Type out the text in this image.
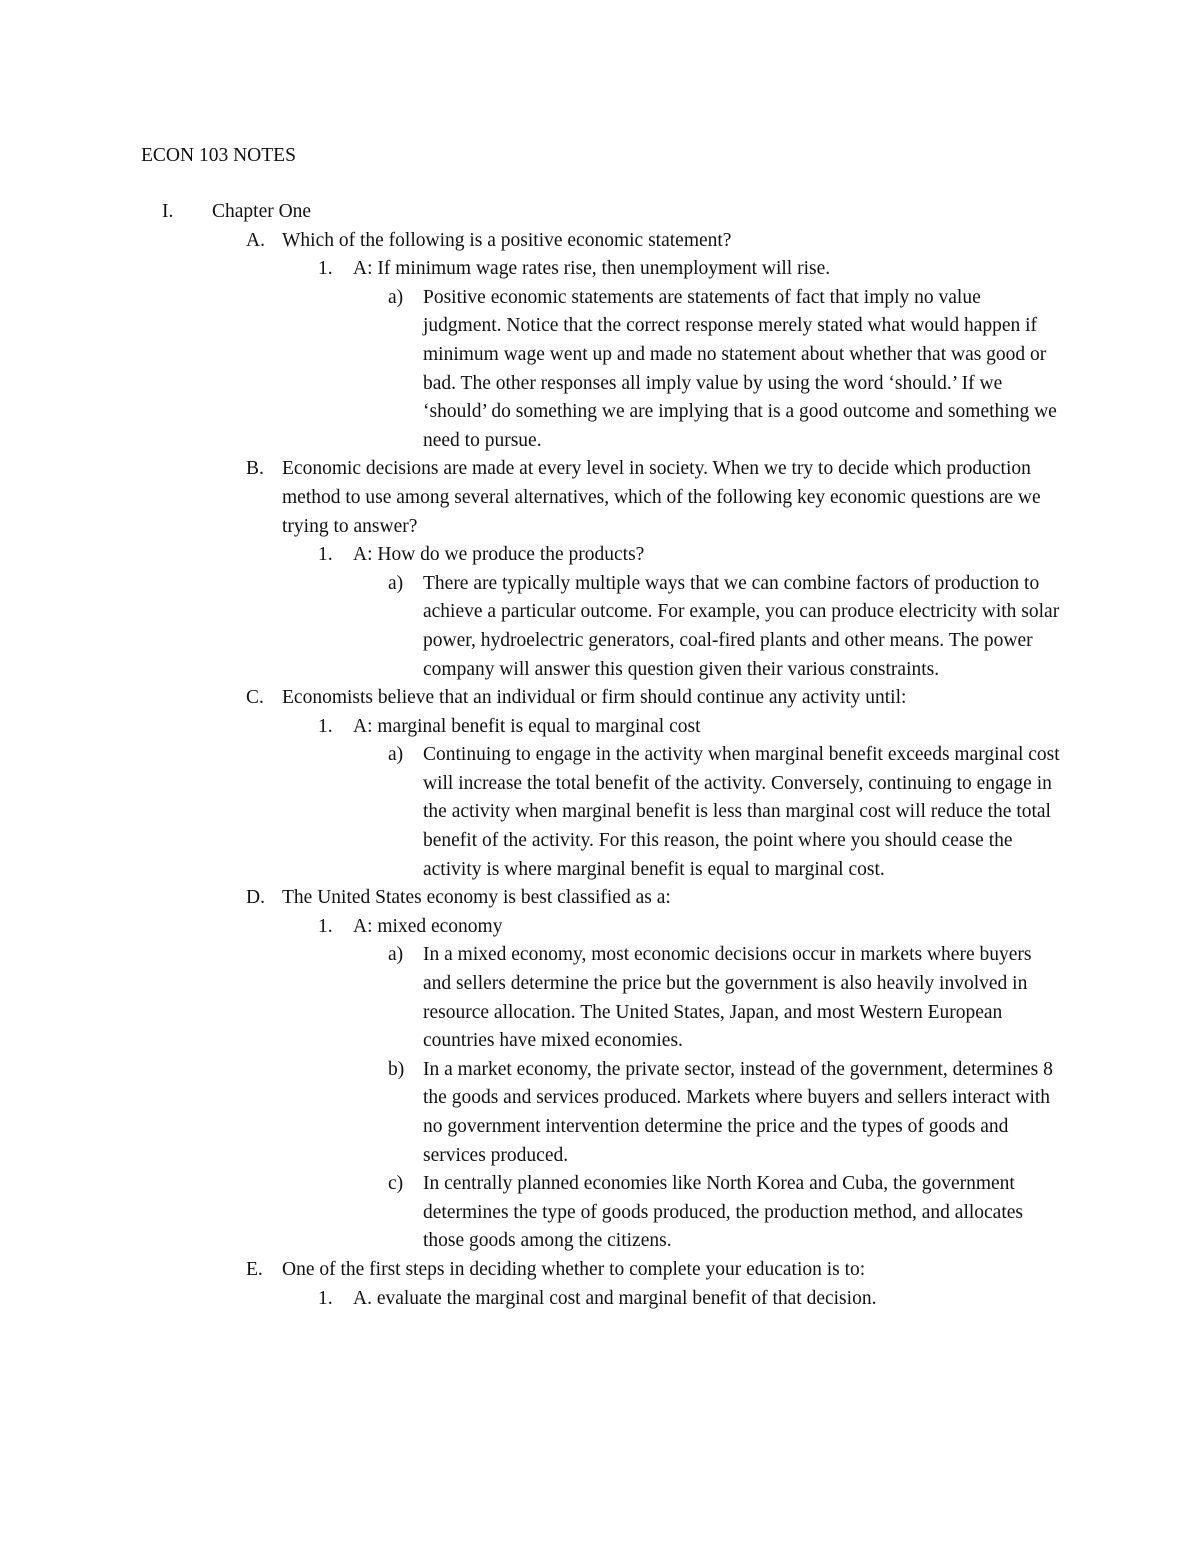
ECON 103 NOTES
I. Chapter One
A. Which of the following is a positive economic statement?
1. A: If minimum wage rates rise, then unemployment will rise.
a) Positive economic statements are statements of fact that imply no value judgment. Notice that the correct response merely stated what would happen if minimum wage went up and made no statement about whether that was good or bad. The other responses all imply value by using the word ‘should.’ If we ‘should’ do something we are implying that is a good outcome and something we need to pursue.
B. Economic decisions are made at every level in society. When we try to decide which production method to use among several alternatives, which of the following key economic questions are we trying to answer?
1. A: How do we produce the products?
a) There are typically multiple ways that we can combine factors of production to achieve a particular outcome. For example, you can produce electricity with solar power, hydroelectric generators, coal-fired plants and other means. The power company will answer this question given their various constraints.
C. Economists believe that an individual or firm should continue any activity until:
1. A: marginal benefit is equal to marginal cost
a) Continuing to engage in the activity when marginal benefit exceeds marginal cost will increase the total benefit of the activity. Conversely, continuing to engage in the activity when marginal benefit is less than marginal cost will reduce the total benefit of the activity. For this reason, the point where you should cease the activity is where marginal benefit is equal to marginal cost.
D. The United States economy is best classified as a:
1. A: mixed economy
a) In a mixed economy, most economic decisions occur in markets where buyers and sellers determine the price but the government is also heavily involved in resource allocation. The United States, Japan, and most Western European countries have mixed economies.
b) In a market economy, the private sector, instead of the government, determines 8 the goods and services produced. Markets where buyers and sellers interact with no government intervention determine the price and the types of goods and services produced.
c) In centrally planned economies like North Korea and Cuba, the government determines the type of goods produced, the production method, and allocates those goods among the citizens.
E. One of the first steps in deciding whether to complete your education is to:
1. A. evaluate the marginal cost and marginal benefit of that decision.
